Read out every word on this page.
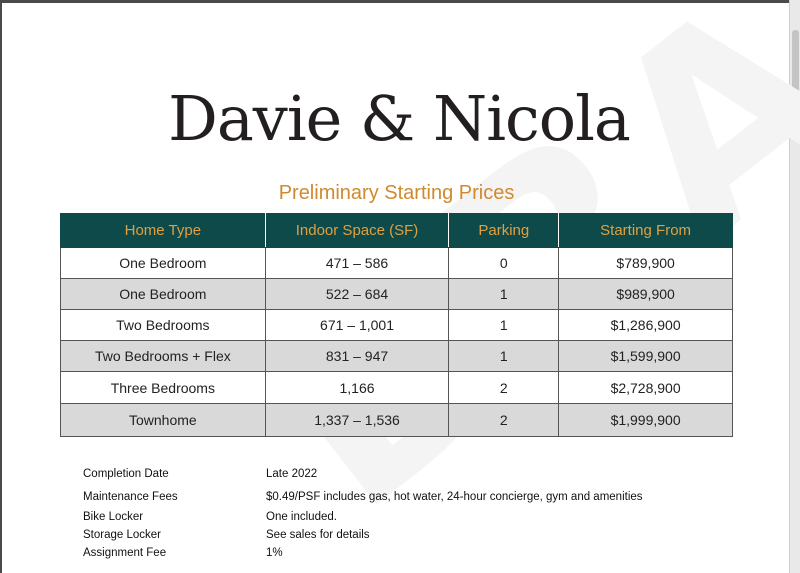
Davie & Nicola
Preliminary Starting Prices
Home Type	Indoor Space (SF)	Parking	Starting From
One Bedroom	471 – 586	0	$789,900
One Bedroom	522 – 684	1	$989,900
Two Bedrooms	671 – 1,001	1	$1,286,900
Two Bedrooms + Flex	831 – 947	1	$1,599,900
Three Bedrooms	1,166	2	$2,728,900
Townhome	1,337 – 1,536	2	$1,999,900
Completion Date	Late 2022
Maintenance Fees	$0.49/PSF includes gas, hot water, 24-hour concierge, gym and amenities
Bike Locker	One included.
Storage Locker	See sales for details
Assignment Fee	1%
